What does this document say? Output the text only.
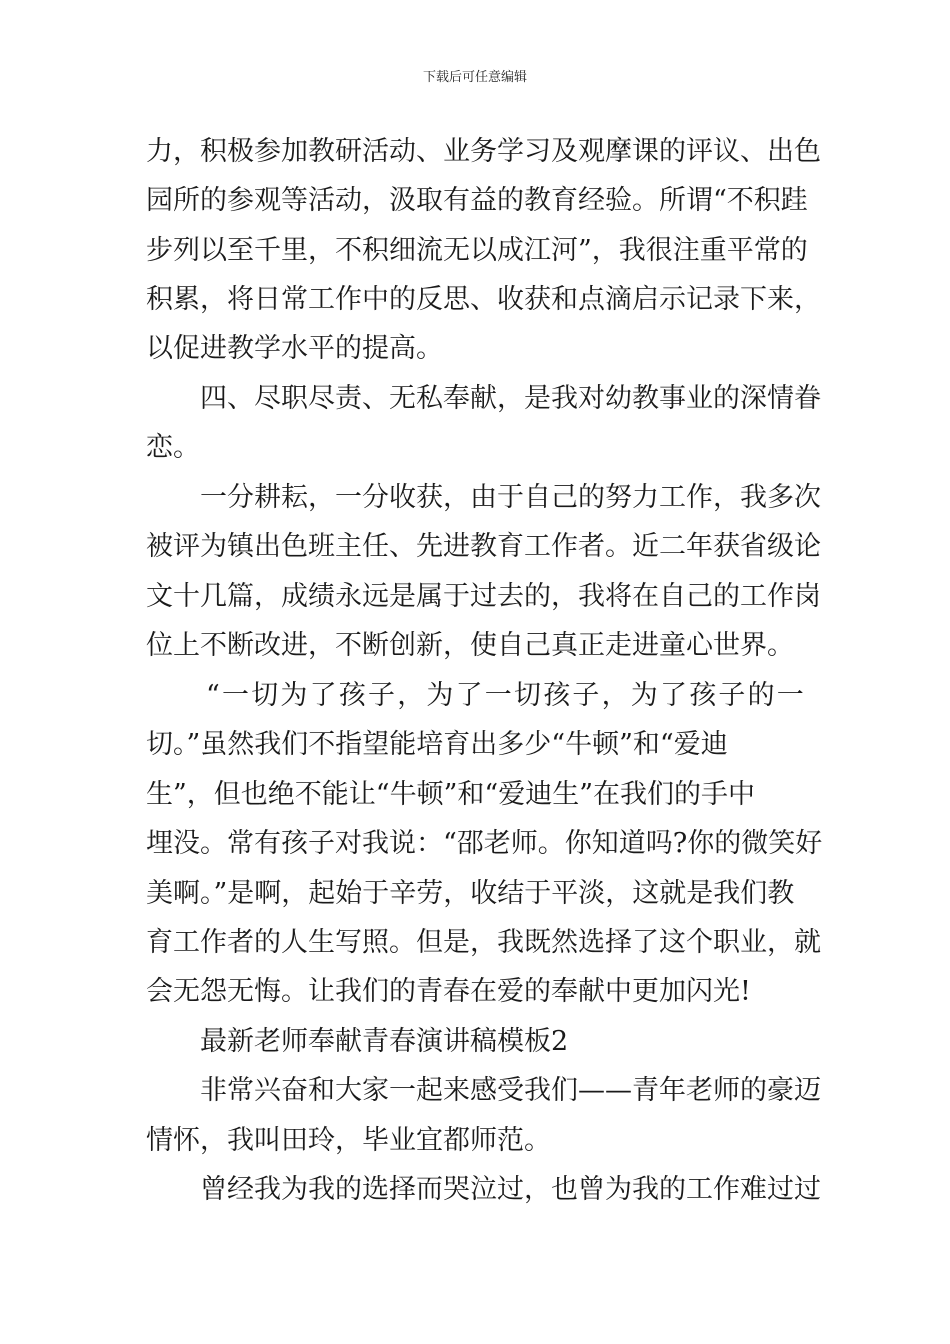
下载后可任意编辑
力，积极参加教研活动、业务学习及观摩课的评议、出色
园所的参观等活动，汲取有益的教育经验。所谓“不积跬
步列以至千里，不积细流无以成江河”，我很注重平常的
积累，将日常工作中的反思、收获和点滴启示记录下来，
以促进教学水平的提高。
四、尽职尽责、无私奉献，是我对幼教事业的深情眷
恋。
一分耕耘，一分收获，由于自己的努力工作，我多次
被评为镇出色班主任、先进教育工作者。近二年获省级论
文十几篇，成绩永远是属于过去的，我将在自己的工作岗
位上不断改进，不断创新，使自己真正走进童心世界。
“一切为了孩子，为了一切孩子，为了孩子的一
切。”虽然我们不指望能培育出多少“牛顿”和“爱迪
生”，但也绝不能让“牛顿”和“爱迪生”在我们的手中
埋没。常有孩子对我说：“邵老师。你知道吗?你的微笑好
美啊。”是啊，起始于辛劳，收结于平淡，这就是我们教
育工作者的人生写照。但是，我既然选择了这个职业，就
会无怨无悔。让我们的青春在爱的奉献中更加闪光!
最新老师奉献青春演讲稿模板2
非常兴奋和大家一起来感受我们——青年老师的豪迈
情怀，我叫田玲，毕业宜都师范。
曾经我为我的选择而哭泣过，也曾为我的工作难过过
